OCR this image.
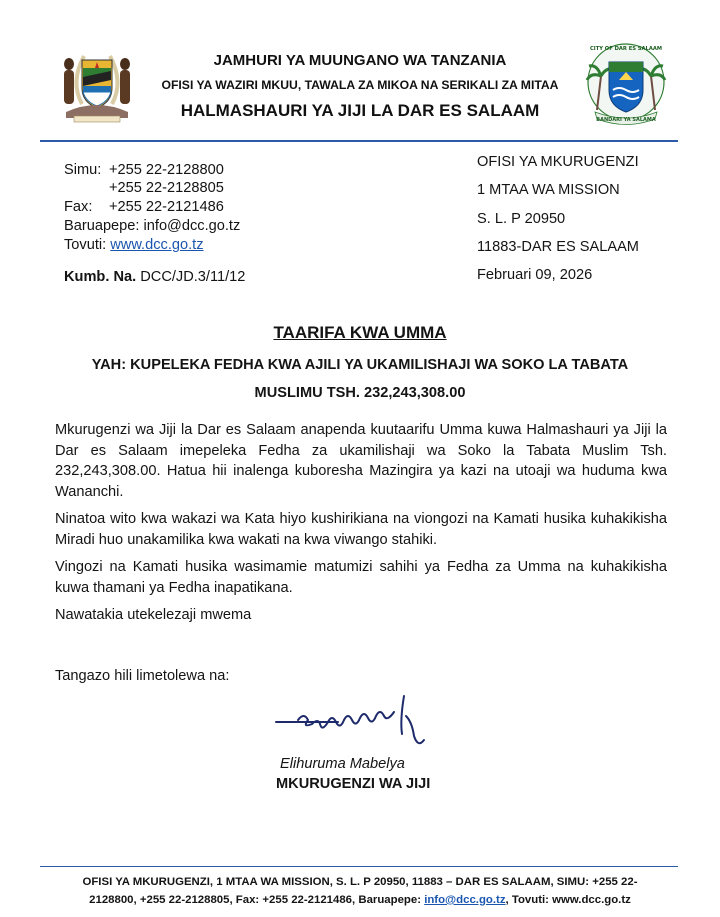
CITY OF DAR ES SALAAM
BANDARI YA SALAMA
JAMHURI YA MUUNGANO WA TANZANIA
OFISI YA WAZIRI MKUU, TAWALA ZA MIKOA NA SERIKALI ZA MITAA
HALMASHAURI YA JIJI LA DAR ES SALAAM
Simu: +255 22-2128800
+255 22-2128805
Fax: +255 22-2121486
Baruapepe: info@dcc.go.tz
Tovuti: www.dcc.go.tz
Kumb. Na. DCC/JD.3/11/12
OFISI YA MKURUGENZI
1 MTAA WA MISSION
S. L. P 20950
11883-DAR ES SALAAM
Februari 09, 2026
TAARIFA KWA UMMA
YAH: KUPELEKA FEDHA KWA AJILI YA UKAMILISHAJI WA SOKO LA TABATA
MUSLIMU TSH. 232,243,308.00
Mkurugenzi wa Jiji la Dar es Salaam anapenda kuutaarifu Umma kuwa Halmashauri ya Jiji la Dar es Salaam imepeleka Fedha za ukamilishaji wa Soko la Tabata Muslim Tsh. 232,243,308.00. Hatua hii inalenga kuboresha Mazingira ya kazi na utoaji wa huduma kwa Wananchi.
Ninatoa wito kwa wakazi wa Kata hiyo kushirikiana na viongozi na Kamati husika kuhakikisha Miradi huo unakamilika kwa wakati na kwa viwango stahiki.
Vingozi na Kamati husika wasimamie matumizi sahihi ya Fedha za Umma na kuhakikisha kuwa thamani ya Fedha inapatikana.
Nawatakia utekelezaji mwema
Tangazo hili limetolewa na:
Elihuruma Mabelya
MKURUGENZI WA JIJI
OFISI YA MKURUGENZI, 1 MTAA WA MISSION, S. L. P 20950, 11883 – DAR ES SALAAM, SIMU: +255 22-
2128800, +255 22-2128805, Fax: +255 22-2121486, Baruapepe: info@dcc.go.tz, Tovuti: www.dcc.go.tz
